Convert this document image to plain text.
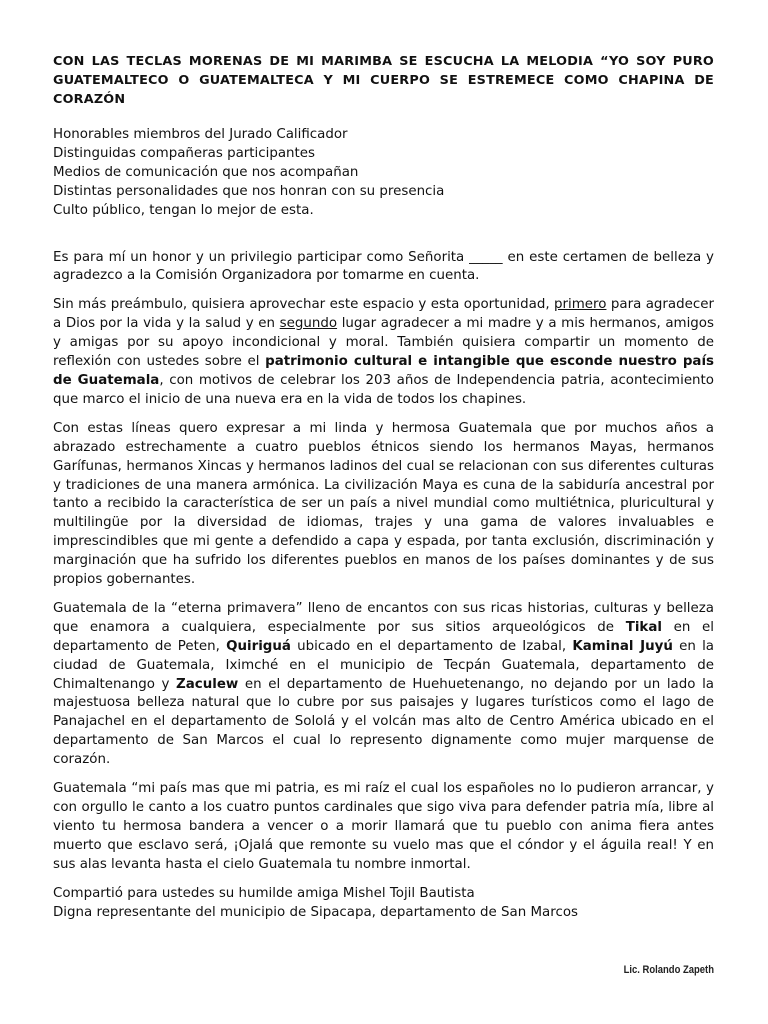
CON LAS TECLAS MORENAS DE MI MARIMBA SE ESCUCHA LA MELODIA “YO SOY PURO GUATEMALTECO O GUATEMALTECA Y MI CUERPO SE ESTREMECE COMO CHAPINA DE CORAZÓN
Honorables miembros del Jurado Calificador
Distinguidas compañeras participantes
Medios de comunicación que nos acompañan
Distintas personalidades que nos honran con su presencia
Culto público, tengan lo mejor de esta.

Es para mí un honor y un privilegio participar como Señorita _____ en este certamen de belleza y agradezco a la Comisión Organizadora por tomarme en cuenta.

Sin más preámbulo, quisiera aprovechar este espacio y esta oportunidad, primero para agradecer a Dios por la vida y la salud y en segundo lugar agradecer a mi madre y a mis hermanos, amigos y amigas por su apoyo incondicional y moral. También quisiera compartir un momento de reflexión con ustedes sobre el patrimonio cultural e intangible que esconde nuestro país de Guatemala, con motivos de celebrar los 203 años de Independencia patria, acontecimiento que marco el inicio de una nueva era en la vida de todos los chapines.

Con estas líneas quero expresar a mi linda y hermosa Guatemala que por muchos años a abrazado estrechamente a cuatro pueblos étnicos siendo los hermanos Mayas, hermanos Garífunas, hermanos Xincas y hermanos ladinos del cual se relacionan con sus diferentes culturas y tradiciones de una manera armónica. La civilización Maya es cuna de la sabiduría ancestral por tanto a recibido la característica de ser un país a nivel mundial como multiétnica, pluricultural y multilingüe por la diversidad de idiomas, trajes y una gama de valores invaluables e imprescindibles que mi gente a defendido a capa y espada, por tanta exclusión, discriminación y marginación que ha sufrido los diferentes pueblos en manos de los países dominantes y de sus propios gobernantes.

Guatemala de la “eterna primavera” lleno de encantos con sus ricas historias, culturas y belleza que enamora a cualquiera, especialmente por sus sitios arqueológicos de Tikal en el departamento de Peten, Quiriguá ubicado en el departamento de Izabal, Kaminal Juyú en la ciudad de Guatemala, Iximché en el municipio de Tecpán Guatemala, departamento de Chimaltenango y Zaculew en el departamento de Huehuetenango, no dejando por un lado la majestuosa belleza natural que lo cubre por sus paisajes y lugares turísticos como el lago de Panajachel en el departamento de Sololá y el volcán mas alto de Centro América ubicado en el departamento de San Marcos el cual lo represento dignamente como mujer marquense de corazón.

Guatemala “mi país mas que mi patria, es mi raíz el cual los españoles no lo pudieron arrancar, y con orgullo le canto a los cuatro puntos cardinales que sigo viva para defender patria mía, libre al viento tu hermosa bandera a vencer o a morir llamará que tu pueblo con anima fiera antes muerto que esclavo será, ¡Ojalá que remonte su vuelo mas que el cóndor y el águila real! Y en sus alas levanta hasta el cielo Guatemala tu nombre inmortal.

Compartió para ustedes su humilde amiga Mishel Tojil Bautista
Digna representante del municipio de Sipacapa, departamento de San Marcos
Lic. Rolando Zapeth
